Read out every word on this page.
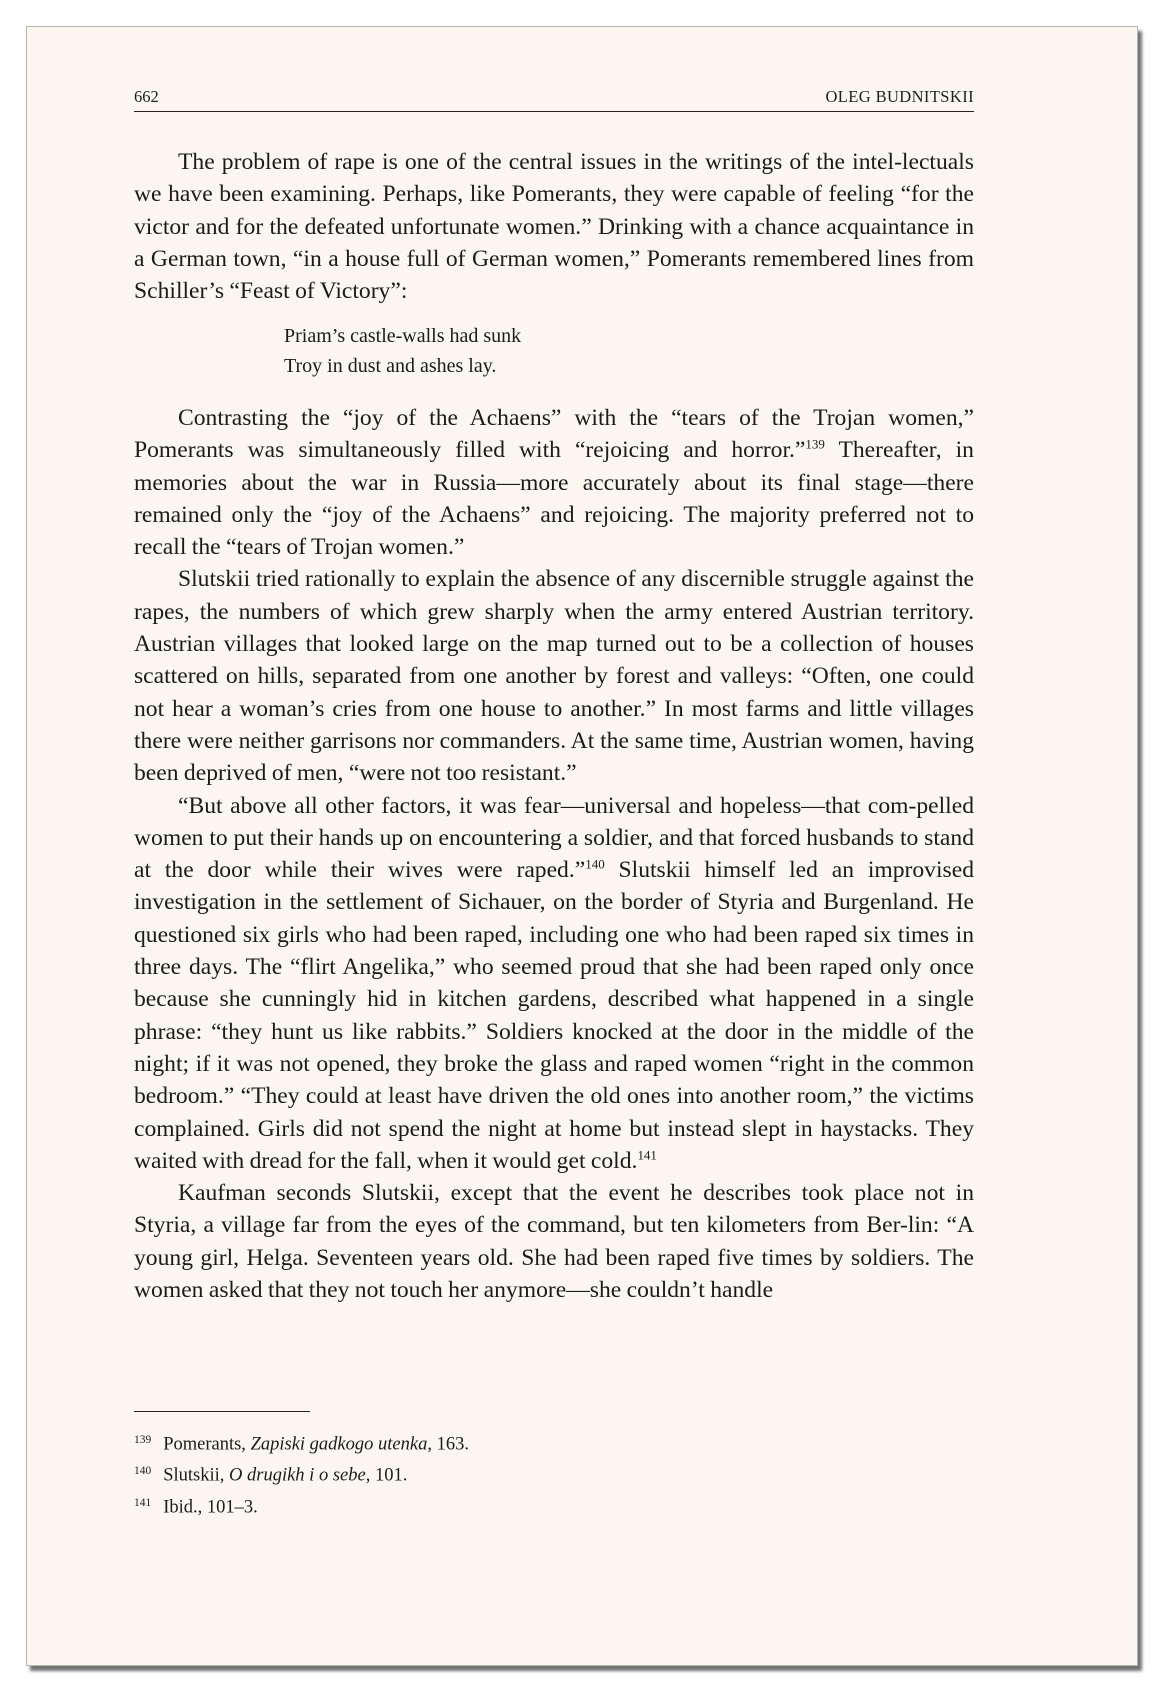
662	OLEG BUDNITSKII

The problem of rape is one of the central issues in the writings of the intel-lectuals we have been examining. Perhaps, like Pomerants, they were capable of feeling “for the victor and for the defeated unfortunate women.” Drinking with a chance acquaintance in a German town, “in a house full of German women,” Pomerants remembered lines from Schiller’s “Feast of Victory”:

Priam’s castle-walls had sunk
Troy in dust and ashes lay.

Contrasting the “joy of the Achaens” with the “tears of the Trojan women,” Pomerants was simultaneously filled with “rejoicing and horror.”$^{139}$ Thereafter, in memories about the war in Russia—more accurately about its final stage—there remained only the “joy of the Achaens” and rejoicing. The majority preferred not to recall the “tears of Trojan women.”

Slutskii tried rationally to explain the absence of any discernible struggle against the rapes, the numbers of which grew sharply when the army entered Austrian territory. Austrian villages that looked large on the map turned out to be a collection of houses scattered on hills, separated from one another by forest and valleys: “Often, one could not hear a woman’s cries from one house to another.” In most farms and little villages there were neither garrisons nor commanders. At the same time, Austrian women, having been deprived of men, “were not too resistant.”

“But above all other factors, it was fear—universal and hopeless—that com-pelled women to put their hands up on encountering a soldier, and that forced husbands to stand at the door while their wives were raped.”$^{140}$ Slutskii himself led an improvised investigation in the settlement of Sichauer, on the border of Styria and Burgenland. He questioned six girls who had been raped, including one who had been raped six times in three days. The “flirt Angelika,” who seemed proud that she had been raped only once because she cunningly hid in kitchen gardens, described what happened in a single phrase: “they hunt us like rabbits.” Soldiers knocked at the door in the middle of the night; if it was not opened, they broke the glass and raped women “right in the common bedroom.” “They could at least have driven the old ones into another room,” the victims complained. Girls did not spend the night at home but instead slept in haystacks. They waited with dread for the fall, when it would get cold.$^{141}$

Kaufman seconds Slutskii, except that the event he describes took place not in Styria, a village far from the eyes of the command, but ten kilometers from Ber-lin: “A young girl, Helga. Seventeen years old. She had been raped five times by soldiers. The women asked that they not touch her anymore—she couldn’t handle

$^{139}$ Pomerants, Zapiski gadkogo utenka, 163.
$^{140}$ Slutskii, O drugikh i o sebe, 101.
$^{141}$ Ibid., 101–3.
